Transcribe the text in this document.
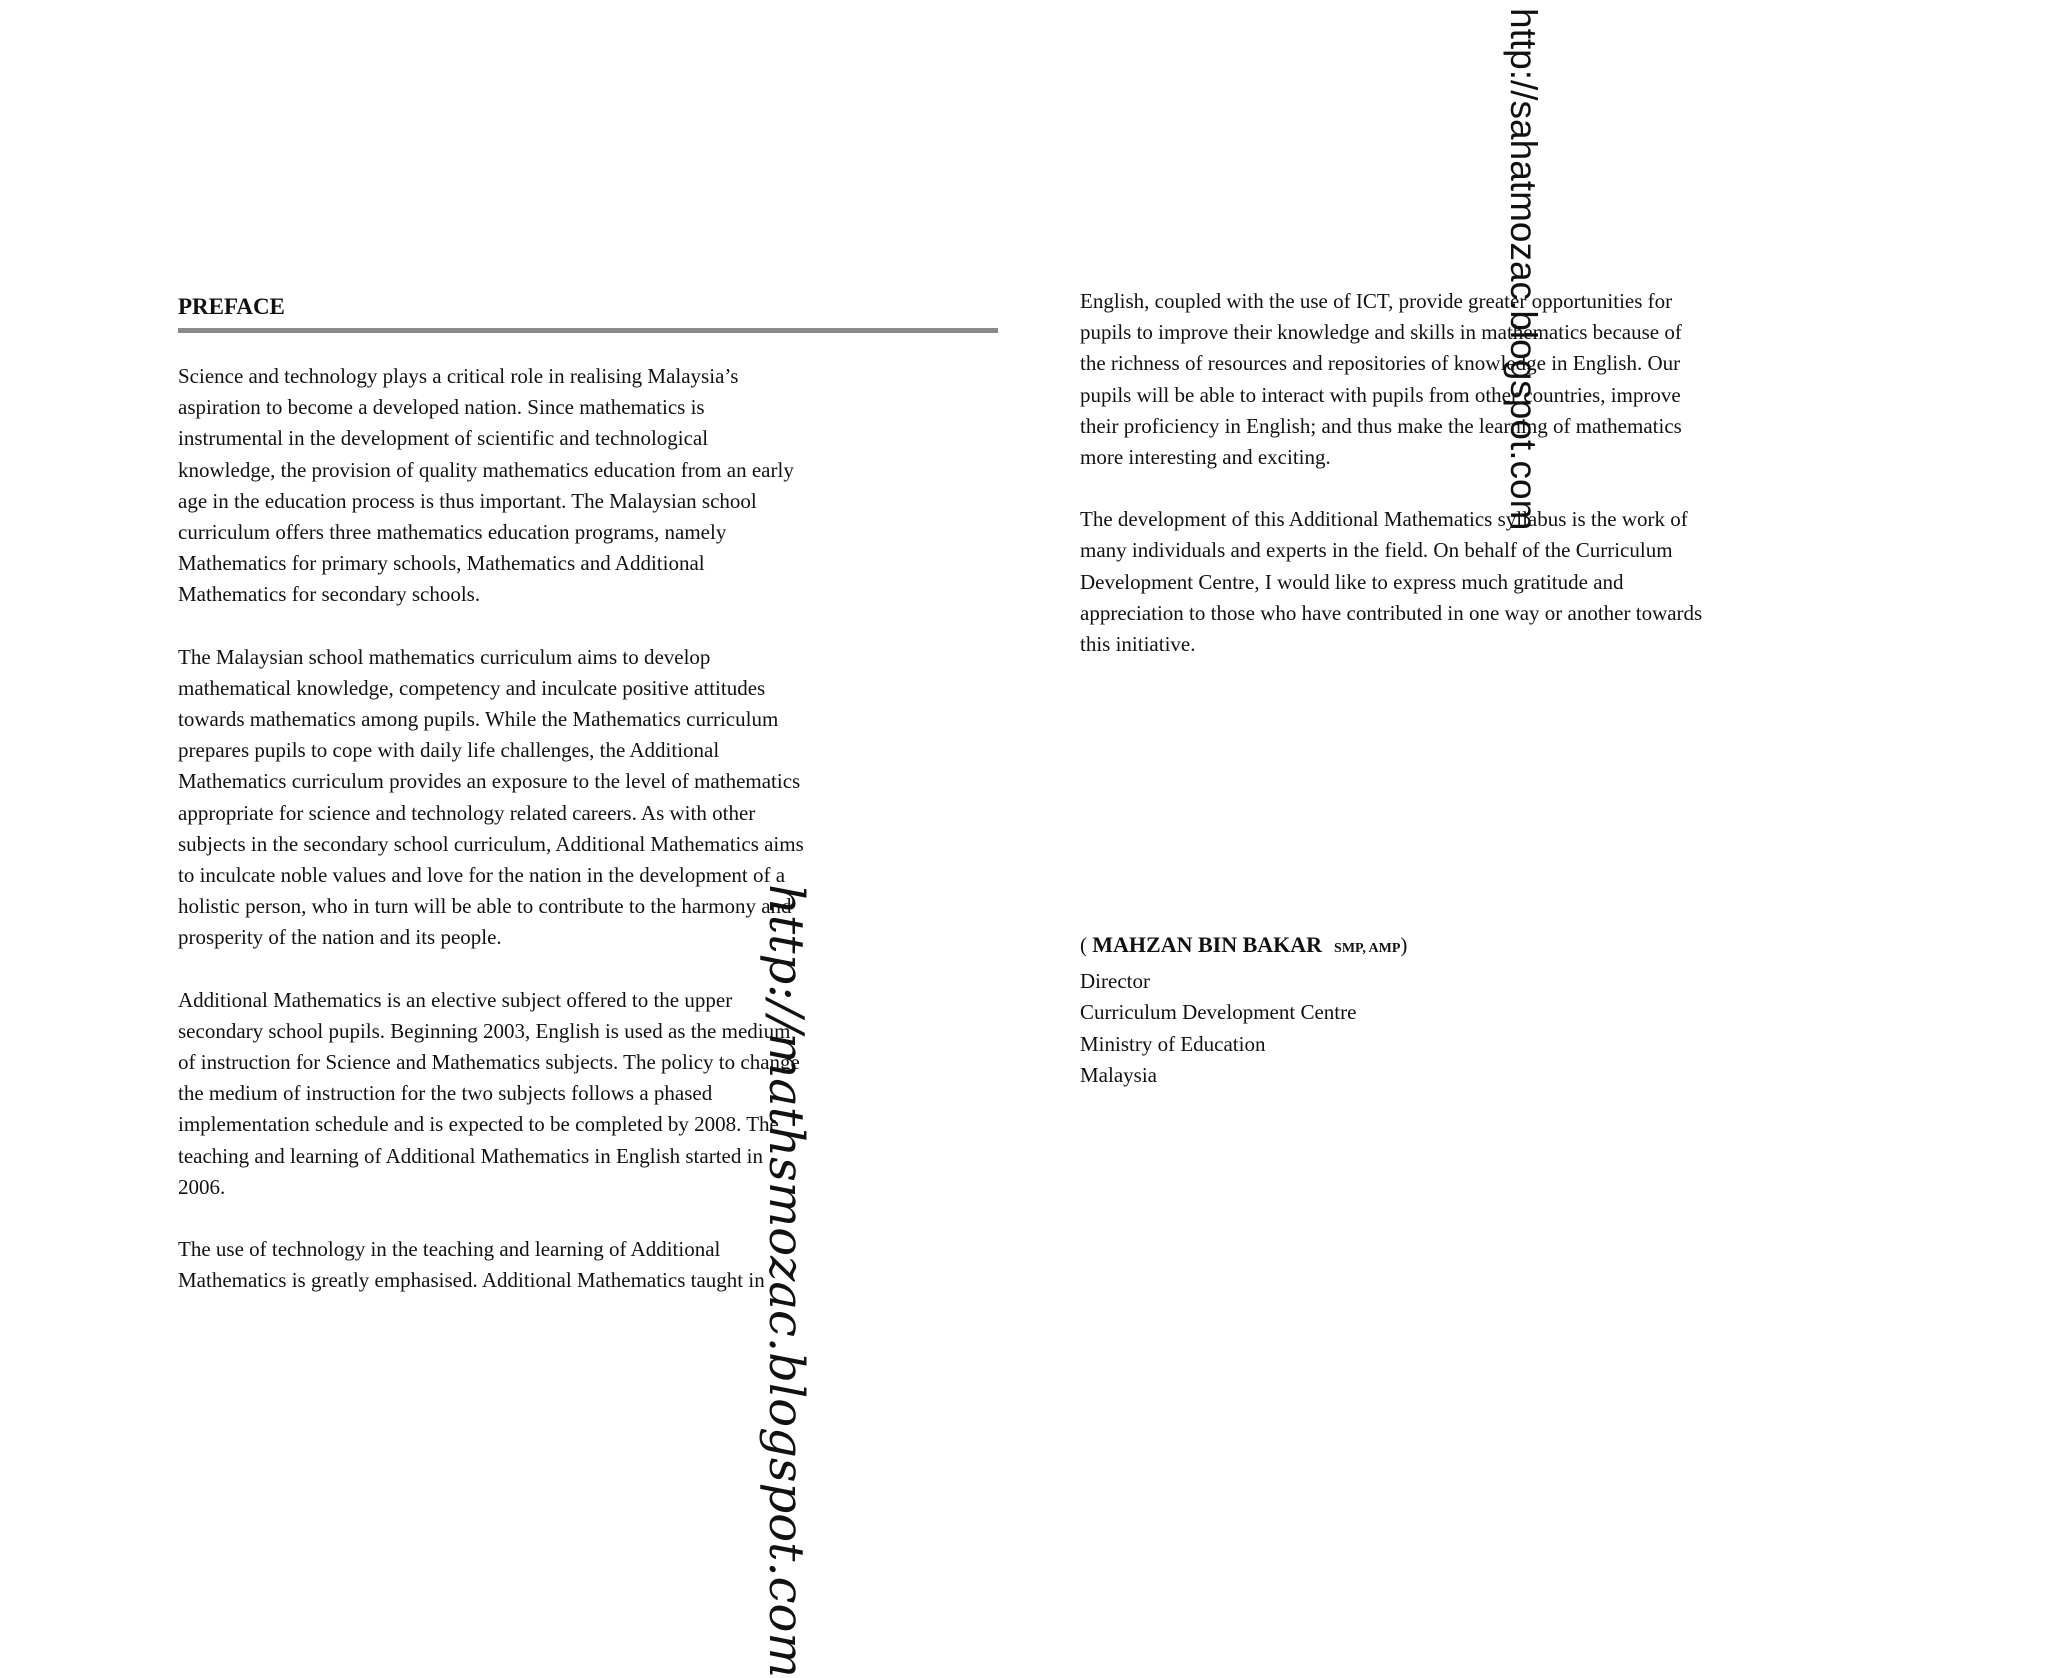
PREFACE

Science and technology plays a critical role in realising Malaysia’s
aspiration to become a developed nation. Since mathematics is
instrumental in the development of scientific and technological
knowledge, the provision of quality mathematics education from an early
age in the education process is thus important. The Malaysian school
curriculum offers three mathematics education programs, namely
Mathematics for primary schools, Mathematics and Additional
Mathematics for secondary schools.

The Malaysian school mathematics curriculum aims to develop
mathematical knowledge, competency and inculcate positive attitudes
towards mathematics among pupils. While the Mathematics curriculum
prepares pupils to cope with daily life challenges, the Additional
Mathematics curriculum provides an exposure to the level of mathematics
appropriate for science and technology related careers. As with other
subjects in the secondary school curriculum, Additional Mathematics aims
to inculcate noble values and love for the nation in the development of a
holistic person, who in turn will be able to contribute to the harmony and
prosperity of the nation and its people.

Additional Mathematics is an elective subject offered to the upper
secondary school pupils. Beginning 2003, English is used as the medium
of instruction for Science and Mathematics subjects. The policy to change
the medium of instruction for the two subjects follows a phased
implementation schedule and is expected to be completed by 2008. The
teaching and learning of Additional Mathematics in English started in
2006.

The use of technology in the teaching and learning of Additional
Mathematics is greatly emphasised. Additional Mathematics taught in

English, coupled with the use of ICT, provide greater opportunities for
pupils to improve their knowledge and skills in mathematics because of
the richness of resources and repositories of knowledge in English. Our
pupils will be able to interact with pupils from other countries, improve
their proficiency in English; and thus make the learning of mathematics
more interesting and exciting.

The development of this Additional Mathematics syllabus is the work of
many individuals and experts in the field. On behalf of the Curriculum
Development Centre, I would like to express much gratitude and
appreciation to those who have contributed in one way or another towards
this initiative.

( MAHZAN BIN BAKAR SMP, AMP)
Director
Curriculum Development Centre
Ministry of Education
Malaysia
http://sahatmozac.blogspot.com
http://mathsmozac.blogspot.com
